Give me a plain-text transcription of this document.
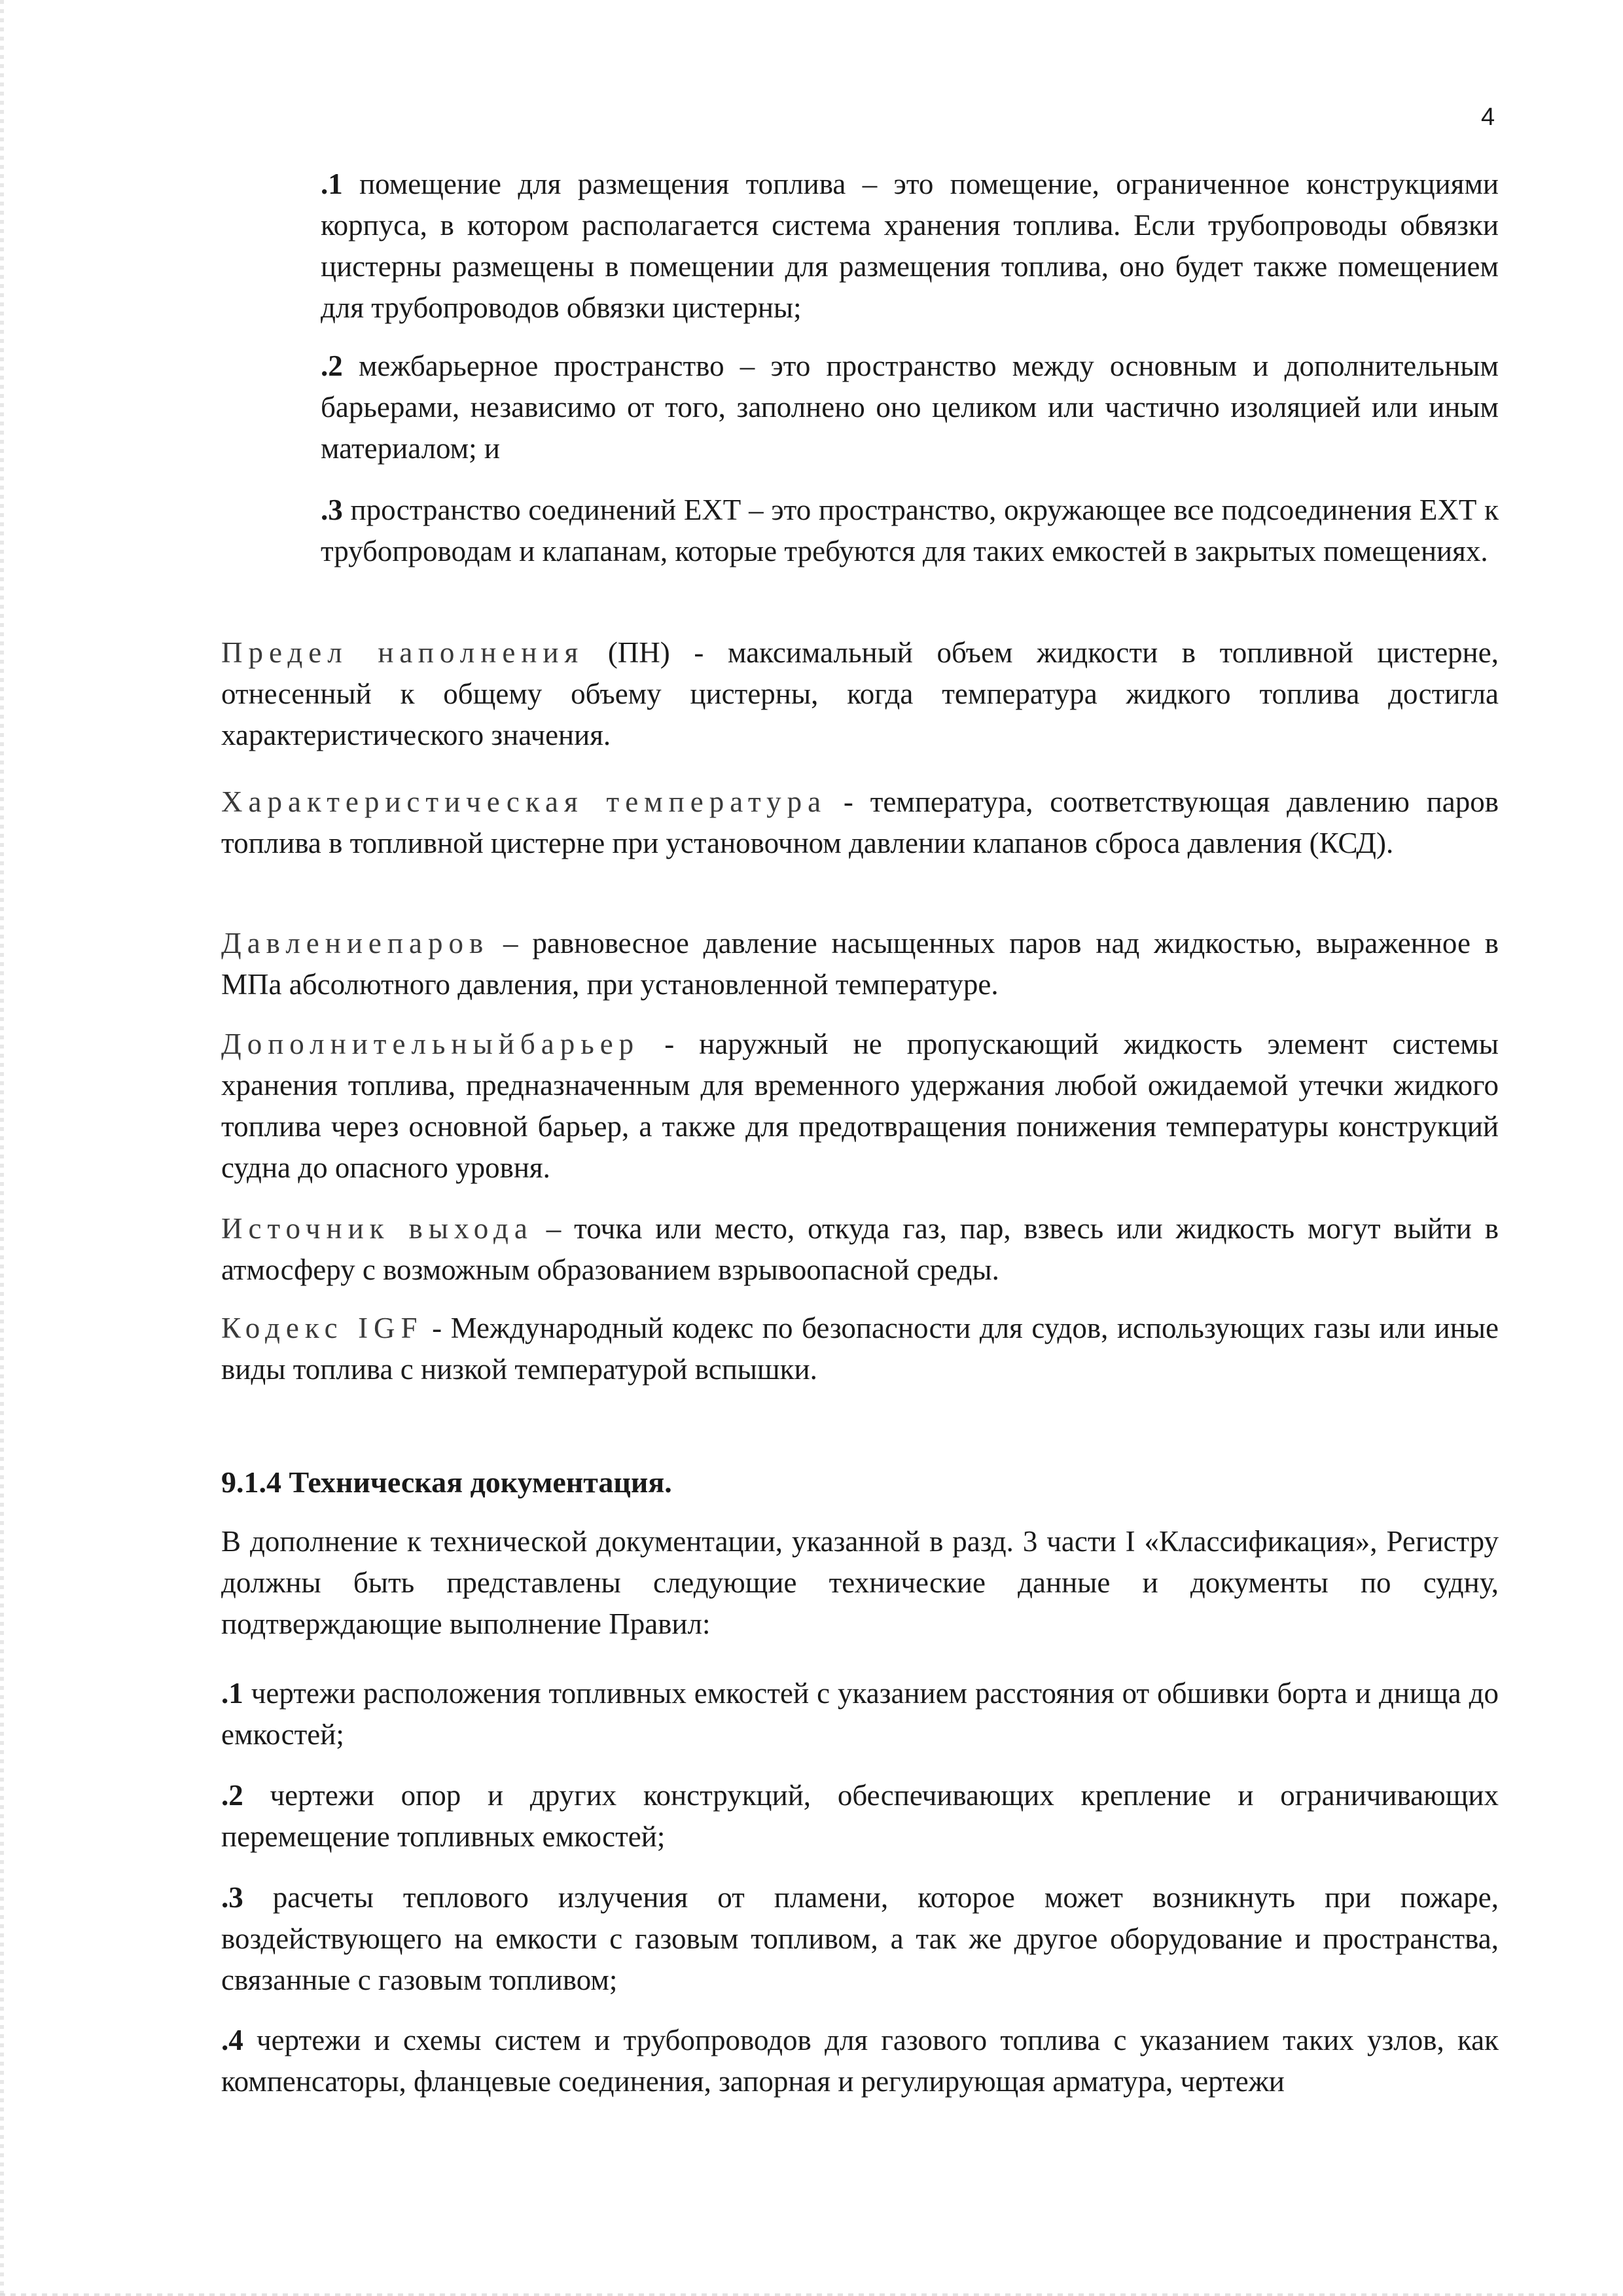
4

.1 помещение для размещения топлива – это помещение, ограниченное конструкциями корпуса, в котором располагается система хранения топлива. Если трубопроводы обвязки цистерны размещены в помещении для размещения топлива, оно будет также помещением для трубопроводов обвязки цистерны;

.2 межбарьерное пространство – это пространство между основным и дополнительным барьерами, независимо от того, заполнено оно целиком или частично изоляцией или иным материалом; и

.3 пространство соединений ЕХТ – это пространство, окружающее все подсоединения ЕХТ к трубопроводам и клапанам, которые требуются для таких емкостей в закрытых помещениях.

Предел наполнения (ПН) - максимальный объем жидкости в топливной цистерне, отнесенный к общему объему цистерны, когда температура жидкого топлива достигла характеристического значения.

Характеристическая температура - температура, соответствующая давлению паров топлива в топливной цистерне при установочном давлении клапанов сброса давления (КСД).

Давлениепаров – равновесное давление насыщенных паров над жидкостью, выраженное в МПа абсолютного давления, при установленной температуре.

Дополнительныйбарьер - наружный не пропускающий жидкость элемент системы хранения топлива, предназначенным для временного удержания любой ожидаемой утечки жидкого топлива через основной барьер, а также для предотвращения понижения температуры конструкций судна до опасного уровня.

Источник выхода – точка или место, откуда газ, пар, взвесь или жидкость могут выйти в атмосферу с возможным образованием взрывоопасной среды.

Кодекс IGF - Международный кодекс по безопасности для судов, использующих газы или иные виды топлива с низкой температурой вспышки.

9.1.4 Техническая документация.

В дополнение к технической документации, указанной в разд. 3 части I «Классификация», Регистру должны быть представлены следующие технические данные и документы по судну, подтверждающие выполнение Правил:

.1 чертежи расположения топливных емкостей с указанием расстояния от обшивки борта и днища до емкостей;

.2 чертежи опор и других конструкций, обеспечивающих крепление и ограничивающих перемещение топливных емкостей;

.3 расчеты теплового излучения от пламени, которое может возникнуть при пожаре, воздействующего на емкости с газовым топливом, а так же другое оборудование и пространства, связанные с газовым топливом;

.4 чертежи и схемы систем и трубопроводов для газового топлива с указанием таких узлов, как компенсаторы, фланцевые соединения, запорная и регулирующая арматура, чертежи
